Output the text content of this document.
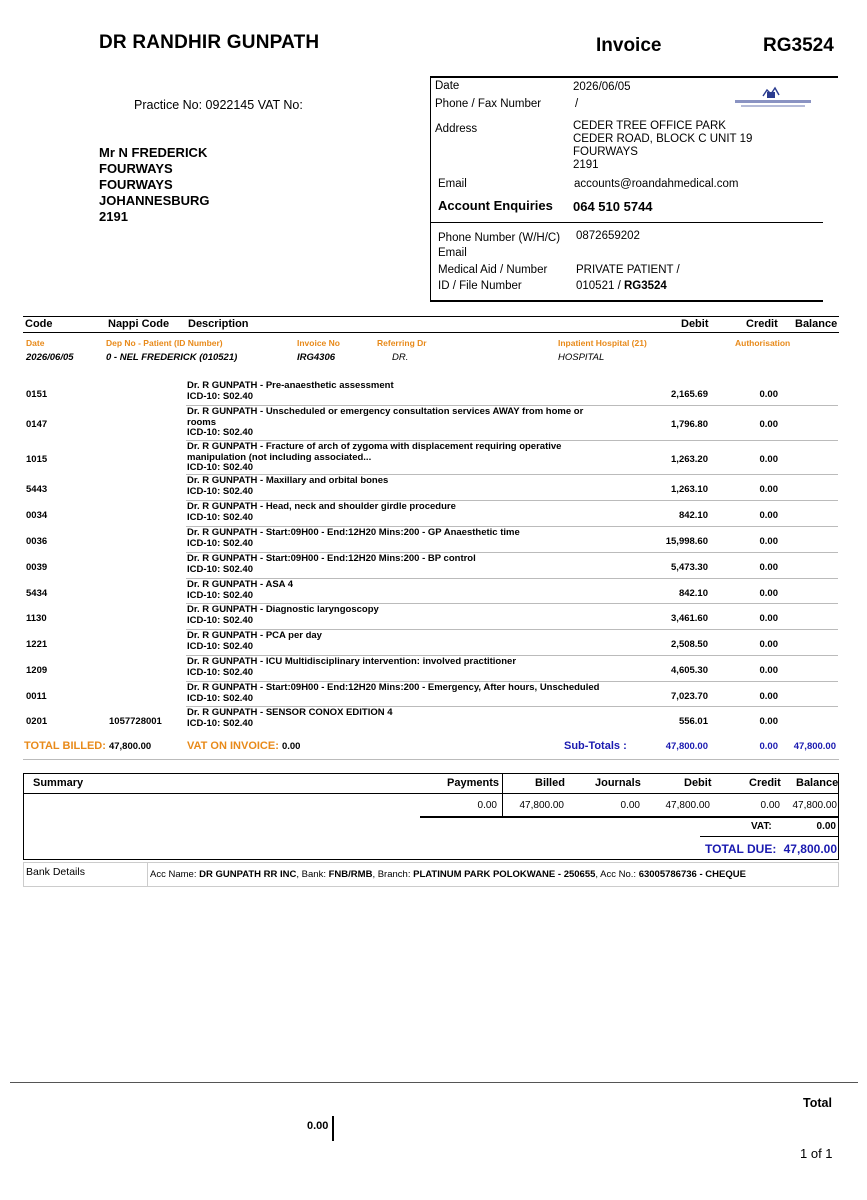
DR RANDHIR GUNPATH	Invoice	RG3524
Practice No: 0922145 VAT No:
Mr N FREDERICK
FOURWAYS
FOURWAYS
JOHANNESBURG
2191
Date	2026/06/05
Phone / Fax Number	/
Address	CEDER TREE OFFICE PARK
CEDER ROAD, BLOCK C UNIT 19
FOURWAYS
2191
Email	accounts@roandahmedical.com
Account Enquiries 064 510 5744
Phone Number (W/H/C) 0872659202
Email
Medical Aid / Number PRIVATE PATIENT /
ID / File Number	010521 / RG3524
Code	Nappi Code Description	Debit	Credit Balance
Date	Dep No - Patient (ID Number)	Invoice No	Referring Dr	Inpatient Hospital (21)	Authorisation
2026/06/05	0 - NEL FREDERICK (010521)	IRG4306	DR.	HOSPITAL
0151
Dr. R GUNPATH - Pre-anaesthetic assessment
ICD-10: S02.40	2,165.69	0.00
0147
Dr. R GUNPATH - Unscheduled or emergency consultation services AWAY from home or
rooms
ICD-10: S02.40
1,796.80	0.00
1015
Dr. R GUNPATH - Fracture of arch of zygoma with displacement requiring operative
manipulation (not including associated...
ICD-10: S02.40
1,263.20	0.00
5443
Dr. R GUNPATH - Maxillary and orbital bones
ICD-10: S02.40	1,263.10	0.00
0034
Dr. R GUNPATH - Head, neck and shoulder girdle procedure
ICD-10: S02.40	842.10	0.00
0036
Dr. R GUNPATH - Start:09H00 - End:12H20 Mins:200 - GP Anaesthetic time
ICD-10: S02.40	15,998.60	0.00
0039
Dr. R GUNPATH - Start:09H00 - End:12H20 Mins:200 - BP control
ICD-10: S02.40	5,473.30	0.00
5434
Dr. R GUNPATH - ASA 4
ICD-10: S02.40	842.10	0.00
1130
Dr. R GUNPATH - Diagnostic laryngoscopy
ICD-10: S02.40	3,461.60	0.00
1221
Dr. R GUNPATH - PCA per day
ICD-10: S02.40	2,508.50	0.00
1209
Dr. R GUNPATH - ICU Multidisciplinary intervention: involved practitioner
ICD-10: S02.40	4,605.30	0.00
0011
Dr. R GUNPATH - Start:09H00 - End:12H20 Mins:200 - Emergency, After hours, Unscheduled
ICD-10: S02.40	7,023.70	0.00
0201	1057728001
Dr. R GUNPATH - SENSOR CONOX EDITION 4
ICD-10: S02.40	556.01	0.00
TOTAL BILLED: 47,800.00	VAT ON INVOICE: 0.00	Sub-Totals :	47,800.00	0.00 47,800.00
Summary	Payments	Billed	Journals	Debit	Credit Balance
0.00 47,800.00	0.00	47,800.00	0.00 47,800.00
VAT:	0.00
TOTAL DUE: 47,800.00
Bank Details	Acc Name: DR GUNPATH RR INC, Bank: FNB/RMB, Branch: PLATINUM PARK POLOKWANE - 250655, Acc No.: 63005786736 - CHEQUE
Total
0.00
1 of 1
